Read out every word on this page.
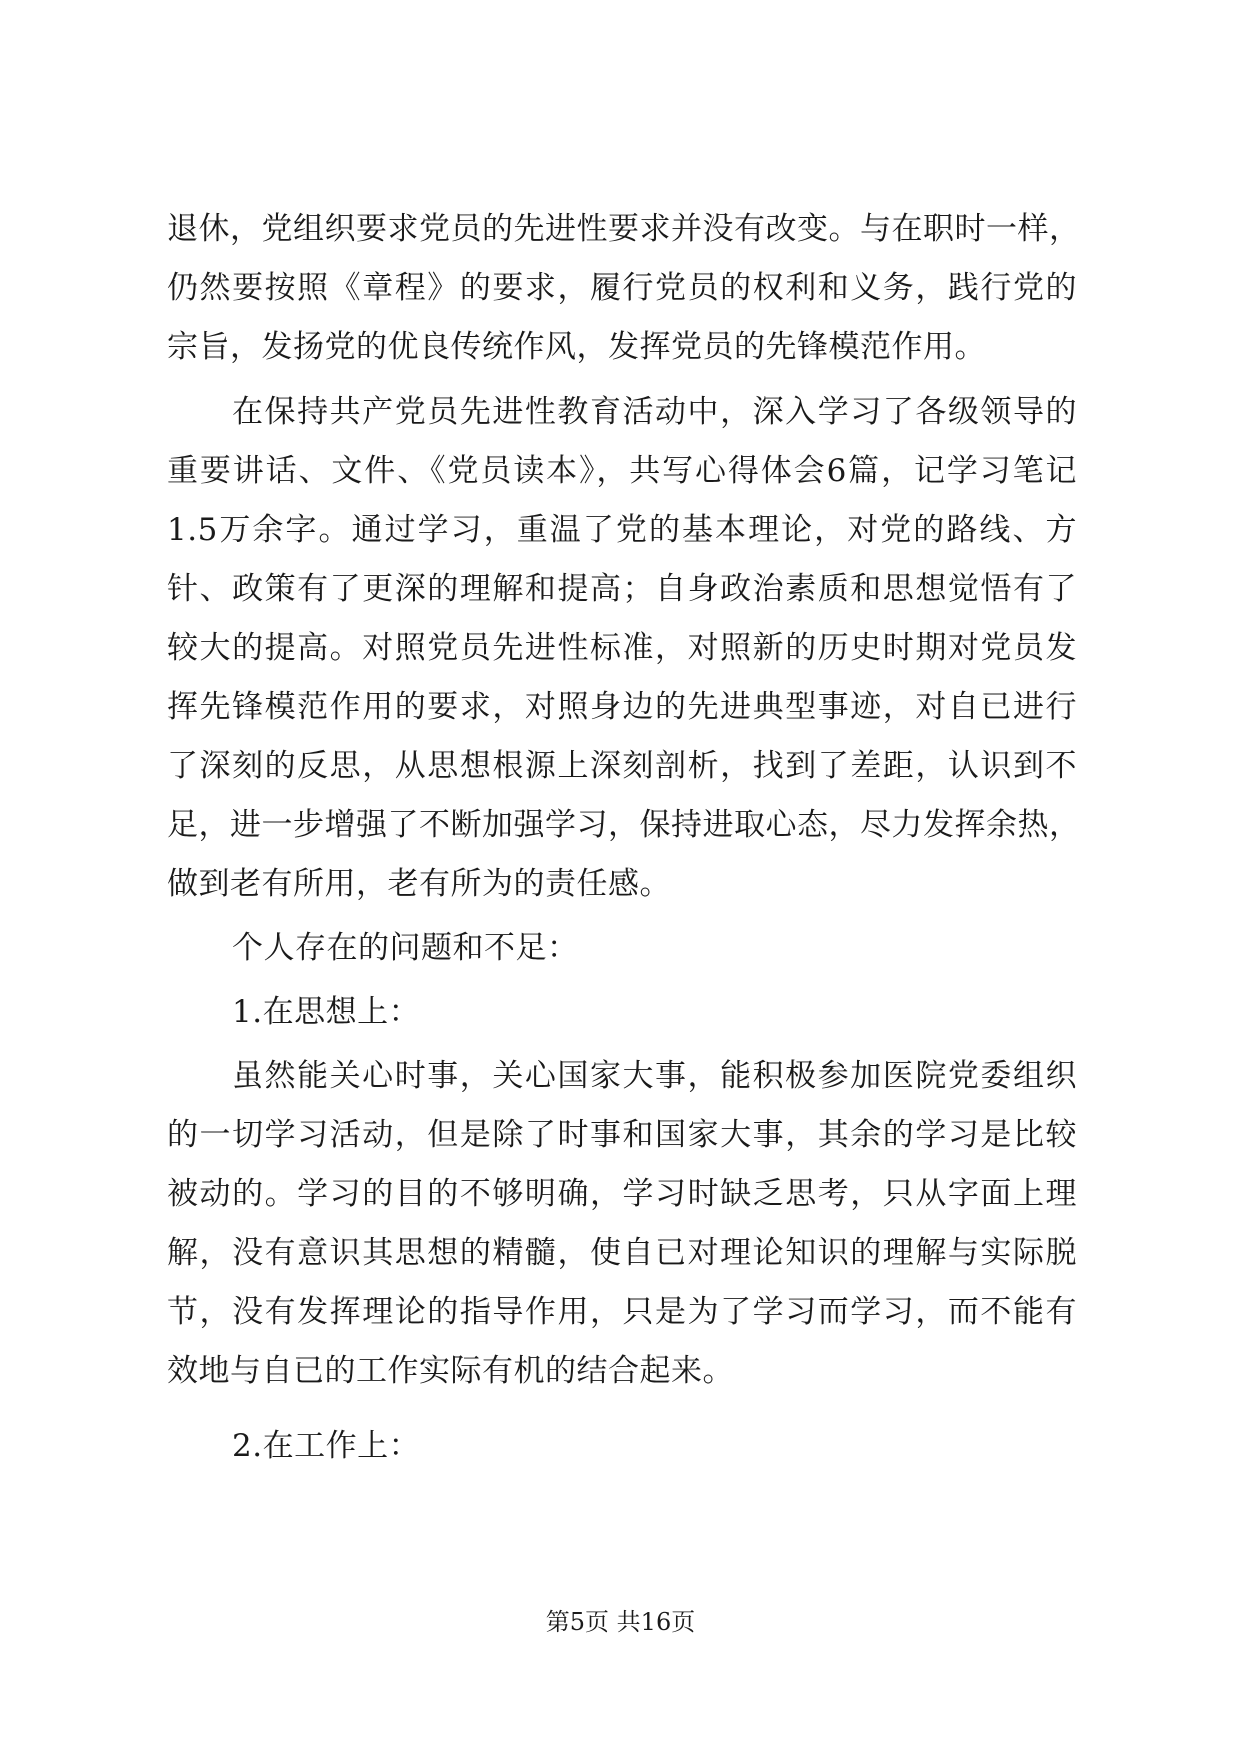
退休，党组织要求党员的先进性要求并没有改变。与在职时一样，
仍然要按照《章程》的要求，履行党员的权利和义务，践行党的
宗旨，发扬党的优良传统作风，发挥党员的先锋模范作用。
在保持共产党员先进性教育活动中，深入学习了各级领导的
重要讲话、文件、《党员读本》，共写心得体会6篇，记学习笔记
1.5万余字。通过学习，重温了党的基本理论，对党的路线、方
针、政策有了更深的理解和提高；自身政治素质和思想觉悟有了
较大的提高。对照党员先进性标准，对照新的历史时期对党员发
挥先锋模范作用的要求，对照身边的先进典型事迹，对自已进行
了深刻的反思，从思想根源上深刻剖析，找到了差距，认识到不
足，进一步增强了不断加强学习，保持进取心态，尽力发挥余热，
做到老有所用，老有所为的责任感。
个人存在的问题和不足：
1.在思想上：
虽然能关心时事，关心国家大事，能积极参加医院党委组织
的一切学习活动，但是除了时事和国家大事，其余的学习是比较
被动的。学习的目的不够明确，学习时缺乏思考，只从字面上理
解，没有意识其思想的精髓，使自已对理论知识的理解与实际脱
节，没有发挥理论的指导作用，只是为了学习而学习，而不能有
效地与自已的工作实际有机的结合起来。
2.在工作上：
第5页 共16页
